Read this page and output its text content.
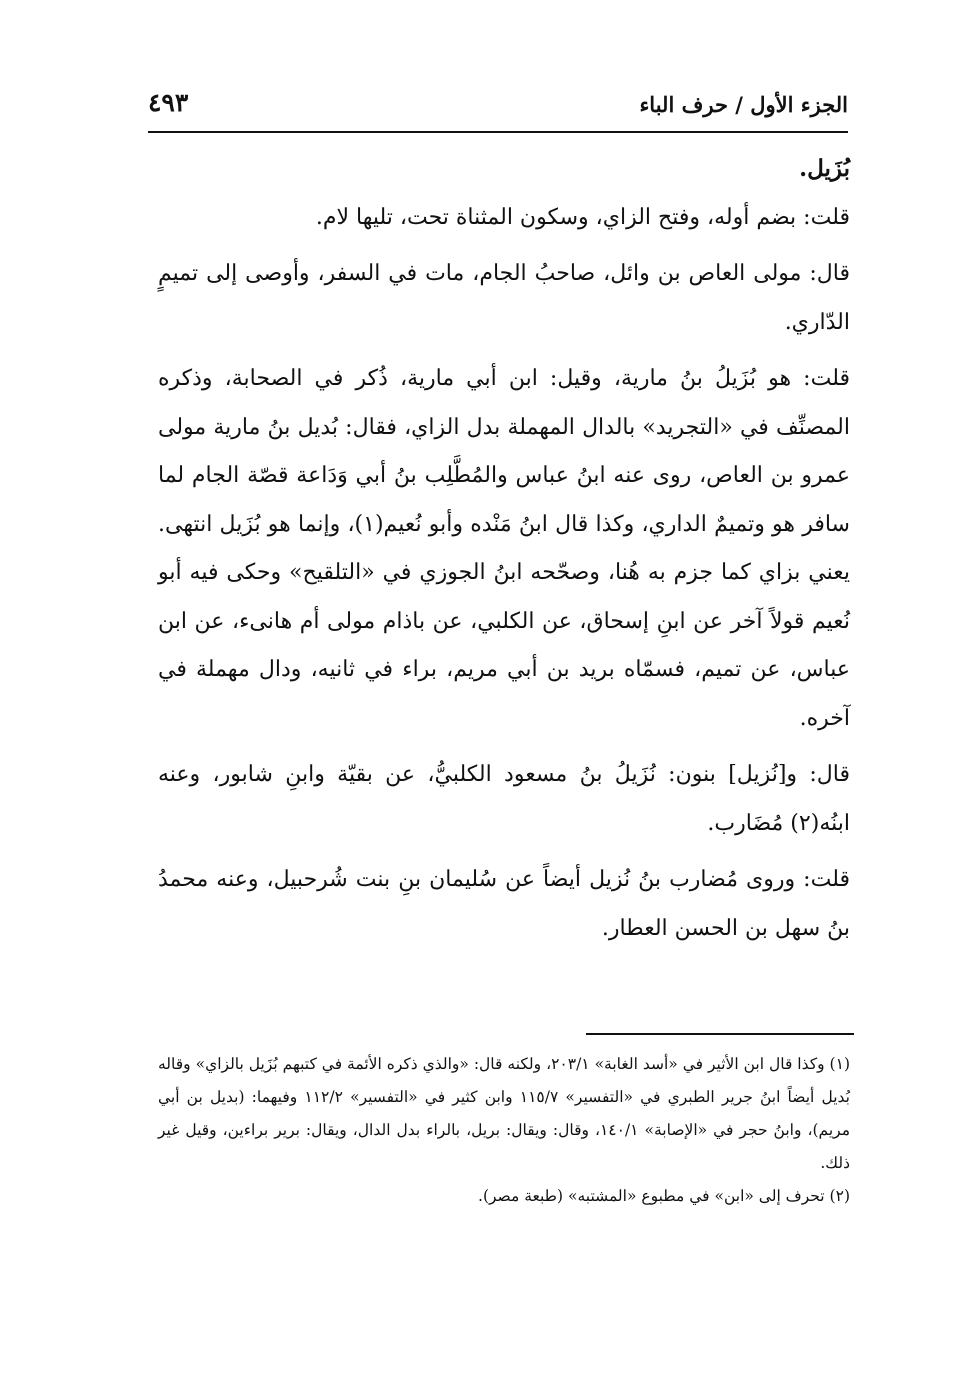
الجزء الأول / حرف الباء
٤٩٣

بُزَيل.

قلت: بضم أوله، وفتح الزاي، وسكون المثناة تحت، تليها لام.

قال: مولى العاص بن وائل، صاحبُ الجام، مات في السفر، وأوصى إلى تميمٍ الدّاري.

قلت: هو بُزَيلُ بنُ مارية، وقيل: ابن أبي مارية، ذُكر في الصحابة، وذكره المصنِّف في «التجريد» بالدال المهملة بدل الزاي، فقال: بُديل بنُ مارية مولى عمرو بن العاص، روى عنه ابنُ عباس والمُطَّلِب بنُ أبي وَدَاعة قصّة الجام لما سافر هو وتميمٌ الداري، وكذا قال ابنُ مَنْده وأبو نُعيم(١)، وإنما هو بُزَيل انتهى. يعني بزاي كما جزم به هُنا، وصحّحه ابنُ الجوزي في «التلقيح» وحكى فيه أبو نُعيم قولاً آخر عن ابنِ إسحاق، عن الكلبي، عن باذام مولى أم هانىء، عن ابن عباس، عن تميم، فسمّاه بريد بن أبي مريم، براء في ثانيه، ودال مهملة في آخره.

قال: و[نُزيل] بنون: نُزَيلُ بنُ مسعود الكلبيُّ، عن بقيّة وابنِ شابور، وعنه ابنُه(٢) مُضَارب.

قلت: وروى مُضارب بنُ نُزيل أيضاً عن سُليمان بنِ بنت شُرحبيل، وعنه محمدُ بنُ سهل بن الحسن العطار.

(١) وكذا قال ابن الأثير في «أسد الغابة» ٢٠٣/١، ولكنه قال: «والذي ذكره الأئمة في كتبهم بُزَيل بالزاي» وقاله بُديل أيضاً ابنُ جرير الطبري في «التفسير» ١١٥/٧ وابن كثير في «التفسير» ١١٢/٢ وفيهما: (بديل بن أبي مريم)، وابنُ حجر في «الإصابة» ١٤٠/١، وقال: ويقال: بريل، بالراء بدل الدال، ويقال: برير براءين، وقيل غير ذلك.

(٢) تحرف إلى «ابن» في مطبوع «المشتبه» (طبعة مصر).
